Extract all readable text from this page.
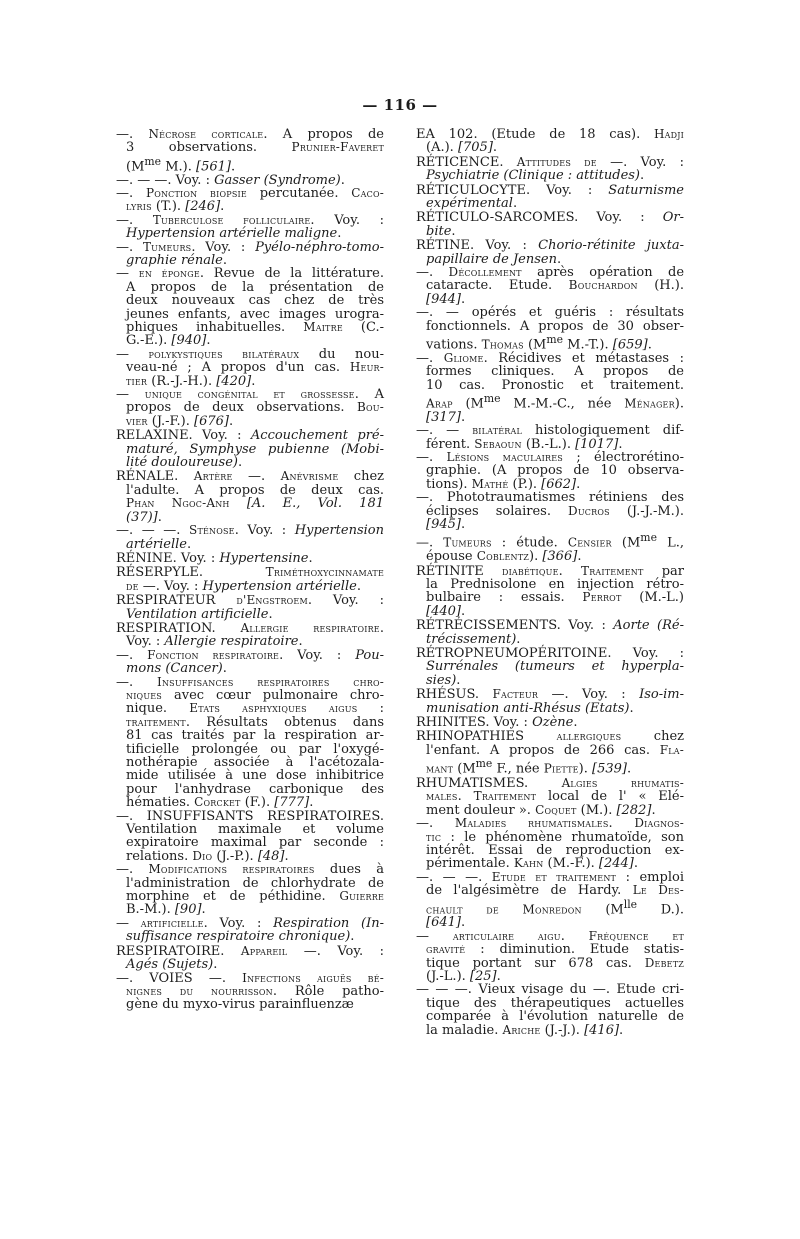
— 116 —

—. Nécrose corticale. A propos de
3 observations. Prunier-Faveret
($M^{me}$ M.). [561].

—. — —. Voy. : Gasser (Syndrome).

—. Ponction biopsie percutanée. Caco-
lyris (T.). [246].

—. Tuberculose folliculaire. Voy. :
Hypertension artérielle maligne.

—. Tumeurs. Voy. : Pyélo-néphro-tomo-
graphie rénale.

— en éponge. Revue de la littérature.
A propos de la présentation de
deux nouveaux cas chez de très
jeunes enfants, avec images urogra-
phiques inhabituelles. Maitre (C.-
G.-E.). [940].

— polykystiques bilatéraux du nou-
veau-né ; A propos d'un cas. Heur-
tier (R.-J.-H.). [420].

— unique congénital et grossesse. A
propos de deux observations. Bou-
vier (J.-F.). [676].

RELAXINE. Voy. : Accouchement pré-
maturé, Symphyse pubienne (Mobi-
lité douloureuse).

RÉNALE. Artère —. Anévrisme chez
l'adulte. A propos de deux cas.
Phan Ngoc-Anh [A. E., Vol. 181
(37)].

—. — —. Sténose. Voy. : Hypertension
artérielle.

RÉNINE. Voy. : Hypertensine.

RÉSERPYLE. Triméthoxycinnamate
de —. Voy. : Hypertension artérielle.

RESPIRATEUR d'Engstroem. Voy. :
Ventilation artificielle.

RESPIRATION. Allergie respiratoire.
Voy. : Allergie respiratoire.

—. Fonction respiratoire. Voy. : Pou-
mons (Cancer).

—. Insuffisances respiratoires chro-
niques avec cœur pulmonaire chro-
nique. Etats asphyxiques aigus :
traitement. Résultats obtenus dans
81 cas traités par la respiration ar-
tificielle prolongée ou par l'oxygé-
nothérapie associée à l'acétozala-
mide utilisée à une dose inhibitrice
pour l'anhydrase carbonique des
hématies. Corcket (F.). [777].

—. INSUFFISANTS RESPIRATOIRES.
Ventilation maximale et volume
expiratoire maximal par seconde :
relations. Dio (J.-P.). [48].

—. Modifications respiratoires dues à
l'administration de chlorhydrate de
morphine et de péthidine. Guierre
B.-M.). [90].

— artificielle. Voy. : Respiration (In-
suffisance respiratoire chronique).

RESPIRATOIRE. Appareil —. Voy. :
Agés (Sujets).

—. VOIES —. Infections aiguës bé-
nignes du nourrisson. Rôle patho-
gène du myxo-virus parainfluenzæ

EA 102. (Etude de 18 cas). Hadji
(A.). [705].

RÉTICENCE. Attitudes de —. Voy. :
Psychiatrie (Clinique : attitudes).

RÉTICULOCYTE. Voy. : Saturnisme
expérimental.

RÉTICULO-SARCOMES. Voy. : Or-
bite.

RÉTINE. Voy. : Chorio-rétinite juxta-
papillaire de Jensen.

—. Décollement après opération de
cataracte. Etude. Bouchardon (H.).
[944].

—. — opérés et guéris : résultats
fonctionnels. A propos de 30 obser-
vations. Thomas ($M^{me}$ M.-T.). [659].

—. Gliome. Récidives et métastases :
formes cliniques. A propos de
10 cas. Pronostic et traitement.
Arap ($M^{me}$ M.-M.-C., née Ménager).
[317].

—. — bilatéral histologiquement dif-
férent. Sebaoun (B.-L.). [1017].

—. Lésions maculaires ; électrorétino-
graphie. (A propos de 10 observa-
tions). Mathé (P.). [662].

—. Phototraumatismes rétiniens des
éclipses solaires. Ducros (J.-J.-M.).
[945].

—. Tumeurs : étude. Censier ($M^{me}$ L.,
épouse Coblentz). [366].

RÉTINITE diabétique. Traitement par
la Prednisolone en injection rétro-
bulbaire : essais. Perrot (M.-L.)
[440].

RÉTRÉCISSEMENTS. Voy. : Aorte (Ré-
trécissement).

RÉTROPNEUMOPÉRITOINE. Voy. :
Surrénales (tumeurs et hyperpla-
sies).

RHÉSUS. Facteur —. Voy. : Iso-im-
munisation anti-Rhésus (Etats).

RHINITES. Voy. : Ozène.

RHINOPATHIES allergiques chez
l'enfant. A propos de 266 cas. Fla-
mant ($M^{me}$ F., née Piette). [539].

RHUMATISMES. Algies rhumatis-
males. Traitement local de l' « Elé-
ment douleur ». Coquet (M.). [282].

—. Maladies rhumatismales. Diagnos-
tic : le phénomène rhumatoïde, son
intérêt. Essai de reproduction ex-
périmentale. Kahn (M.-F.). [244].

—. — —. Etude et traitement : emploi
de l'algésimètre de Hardy. Le Des-
chault de Monredon ($M^{lle}$ D.).
[641].

— articulaire aigu. Fréquence et
gravité : diminution. Etude statis-
tique portant sur 678 cas. Debetz
(J.-L.). [25].

— — —. Vieux visage du —. Etude cri-
tique des thérapeutiques actuelles
comparée à l'évolution naturelle de
la maladie. Ariche (J.-J.). [416].
